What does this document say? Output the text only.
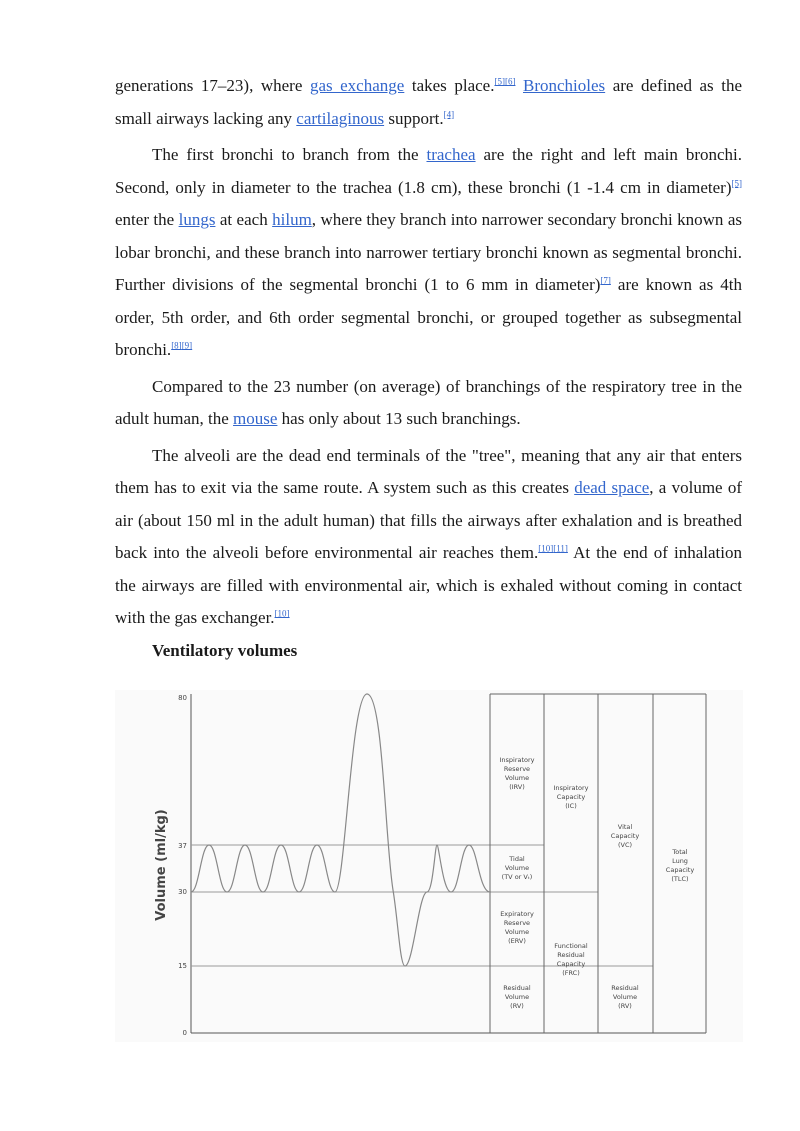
generations 17–23), where gas exchange takes place.[5][6] Bronchioles are defined as the small airways lacking any cartilaginous support.[4]

The first bronchi to branch from the trachea are the right and left main bronchi. Second, only in diameter to the trachea (1.8 cm), these bronchi (1 -1.4 cm in diameter)[5] enter the lungs at each hilum, where they branch into narrower secondary bronchi known as lobar bronchi, and these branch into narrower tertiary bronchi known as segmental bronchi. Further divisions of the segmental bronchi (1 to 6 mm in diameter)[7] are known as 4th order, 5th order, and 6th order segmental bronchi, or grouped together as subsegmental bronchi.[8][9]

Compared to the 23 number (on average) of branchings of the respiratory tree in the adult human, the mouse has only about 13 such branchings.

The alveoli are the dead end terminals of the "tree", meaning that any air that enters them has to exit via the same route. A system such as this creates dead space, a volume of air (about 150 ml in the adult human) that fills the airways after exhalation and is breathed back into the alveoli before environmental air reaches them.[10][11] At the end of inhalation the airways are filled with environmental air, which is exhaled without coming in contact with the gas exchanger.[10]

Ventilatory volumes
Volume (ml/kg)
80
37
30
15
0
Inspiratory
Reserve
Volume
(IRV)
Tidal
Volume
(TV or Vₜ)
Expiratory
Reserve
Volume
(ERV)
Residual
Volume
(RV)
Inspiratory
Capacity
(IC)
Functional
Residual
Capacity
(FRC)
Vital
Capacity
(VC)
Residual
Volume
(RV)
Total
Lung
Capacity
(TLC)
